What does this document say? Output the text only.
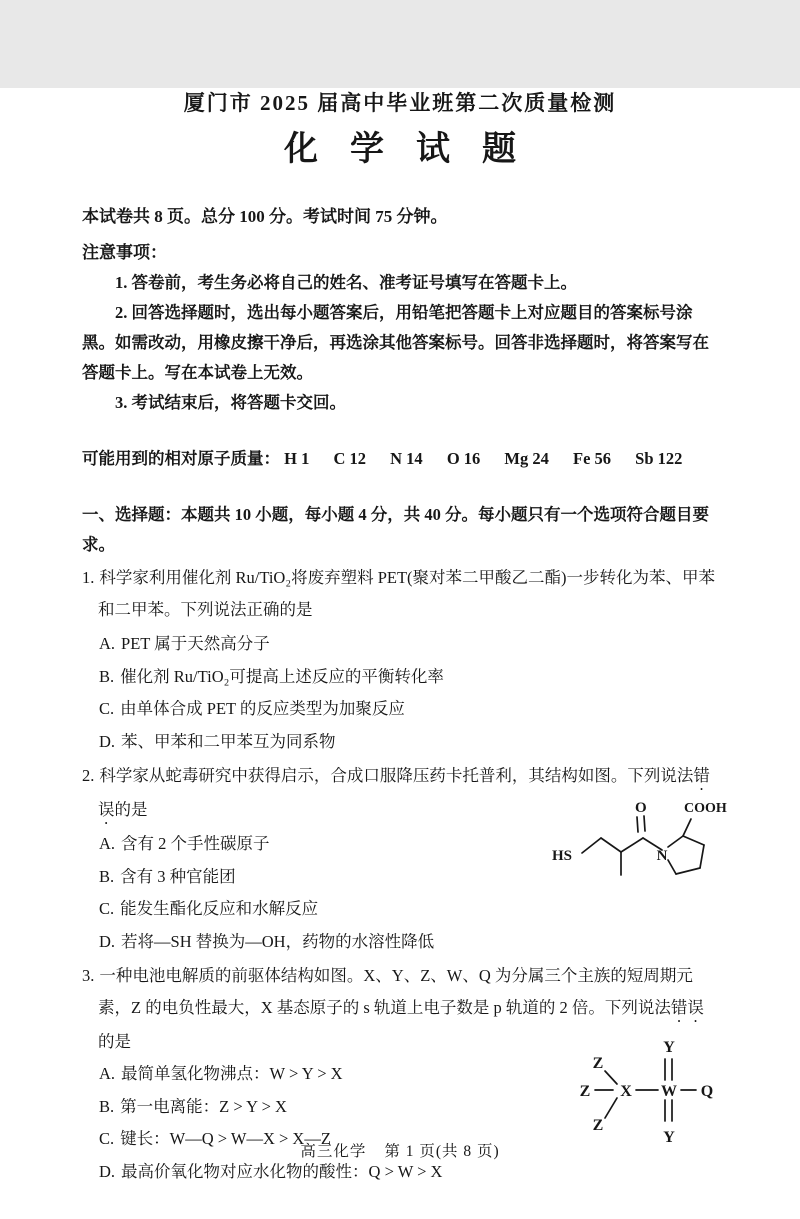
厦门市 2025 届高中毕业班第二次质量检测
化学试题

本试卷共 8 页。总分 100 分。考试时间 75 分钟。

注意事项：

1. 答卷前，考生务必将自己的姓名、准考证号填写在答题卡上。

2. 回答选择题时，选出每小题答案后，用铅笔把答题卡上对应题目的答案标号涂黑。如需改动，用橡皮擦干净后，再选涂其他答案标号。回答非选择题时，将答案写在答题卡上。写在本试卷上无效。

3. 考试结束后，将答题卡交回。

可能用到的相对原子质量： H 1 C 12 N 14 O 16 Mg 24 Fe 56 Sb 122

一、选择题：本题共 10 小题，每小题 4 分，共 40 分。每小题只有一个选项符合题目要求。

1. 科学家利用催化剂 Ru/TiO₂将废弃塑料 PET(聚对苯二甲酸乙二酯)一步转化为苯、甲苯和二甲苯。下列说法正确的是

A. PET 属于天然高分子

B. 催化剂 Ru/TiO₂可提高上述反应的平衡转化率

C. 由单体合成 PET 的反应类型为加聚反应

D. 苯、甲苯和二甲苯互为同系物

2. 科学家从蛇毒研究中获得启示，合成口服降压药卡托普利，其结构如图。下列说法错误的是

A. 含有 2 个手性碳原子

B. 含有 3 种官能团

C. 能发生酯化反应和水解反应

D. 若将—SH 替换为—OH，药物的水溶性降低

HS
O
N
COOH

3. 一种电池电解质的前驱体结构如图。X、Y、Z、W、Q 为分属三个主族的短周期元素，Z 的电负性最大，X 基态原子的 s 轨道上电子数是 p 轨道的 2 倍。下列说法错误的是

A. 最简单氢化物沸点：W > Y > X

B. 第一电离能：Z > Y > X

C. 键长：W—Q > W—X > X—Z

D. 最高价氧化物对应水化物的酸性：Q > W > X

Y
Z
Z
Z
X W Q
Y

高三化学 第 1 页(共 8 页)
